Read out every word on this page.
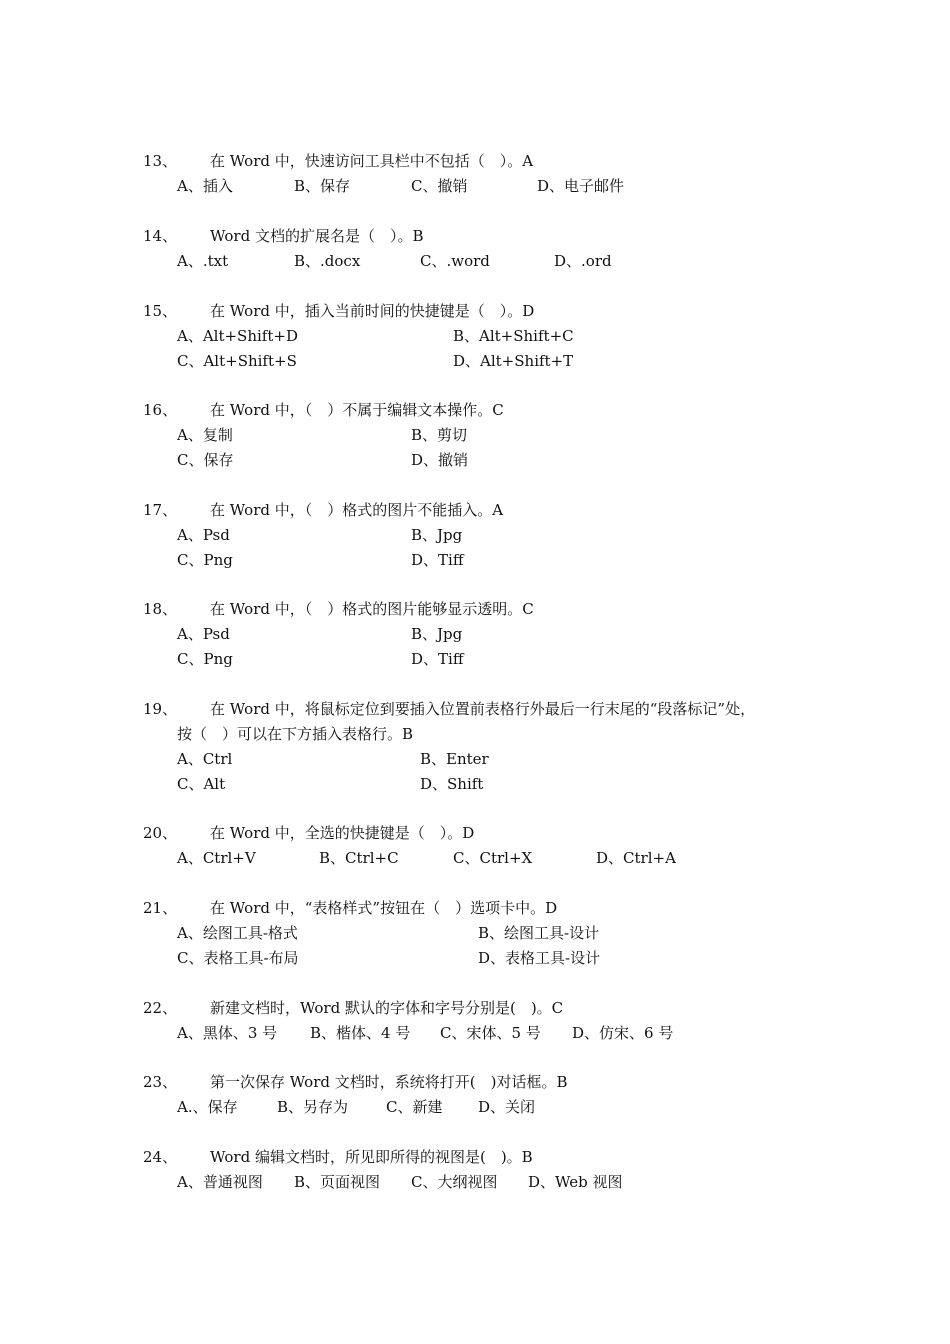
13、 在 Word 中，快速访问工具栏中不包括（　）。A
A、插入	B、保存	C、撤销	D、电子邮件
14、 Word 文档的扩展名是（　）。B
A、.txt	B、.docx	C、.word	D、.ord
15、 在 Word 中，插入当前时间的快捷键是（　）。D
A、Alt+Shift+D	B、Alt+Shift+C
C、Alt+Shift+S	D、Alt+Shift+T
16、 在 Word 中，（　）不属于编辑文本操作。C
A、复制	B、剪切
C、保存	D、撤销
17、 在 Word 中，（　）格式的图片不能插入。A
A、Psd	B、Jpg
C、Png	D、Tiff
18、 在 Word 中，（　）格式的图片能够显示透明。C
A、Psd	B、Jpg
C、Png	D、Tiff
19、 在 Word 中，将鼠标定位到要插入位置前表格行外最后一行末尾的“段落标记”处，
按（　）可以在下方插入表格行。B
A、Ctrl	B、Enter
C、Alt	D、Shift
20、 在 Word 中，全选的快捷键是（　）。D
A、Ctrl+V	B、Ctrl+C	C、Ctrl+X	D、Ctrl+A
21、 在 Word 中，“表格样式”按钮在（　）选项卡中。D
A、绘图工具-格式	B、绘图工具-设计
C、表格工具-布局	D、表格工具-设计
22、 新建文档时，Word 默认的字体和字号分别是(　)。C
A、黑体、3 号 B、楷体、4 号 C、宋体、5 号 D、仿宋、6 号
23、 第一次保存 Word 文档时，系统将打开(　)对话框。B
A.、保存	B、另存为	C、新建 D、关闭
24、 Word 编辑文档时，所见即所得的视图是(　)。B
A、普通视图 B、页面视图 C、大纲视图 D、Web 视图
